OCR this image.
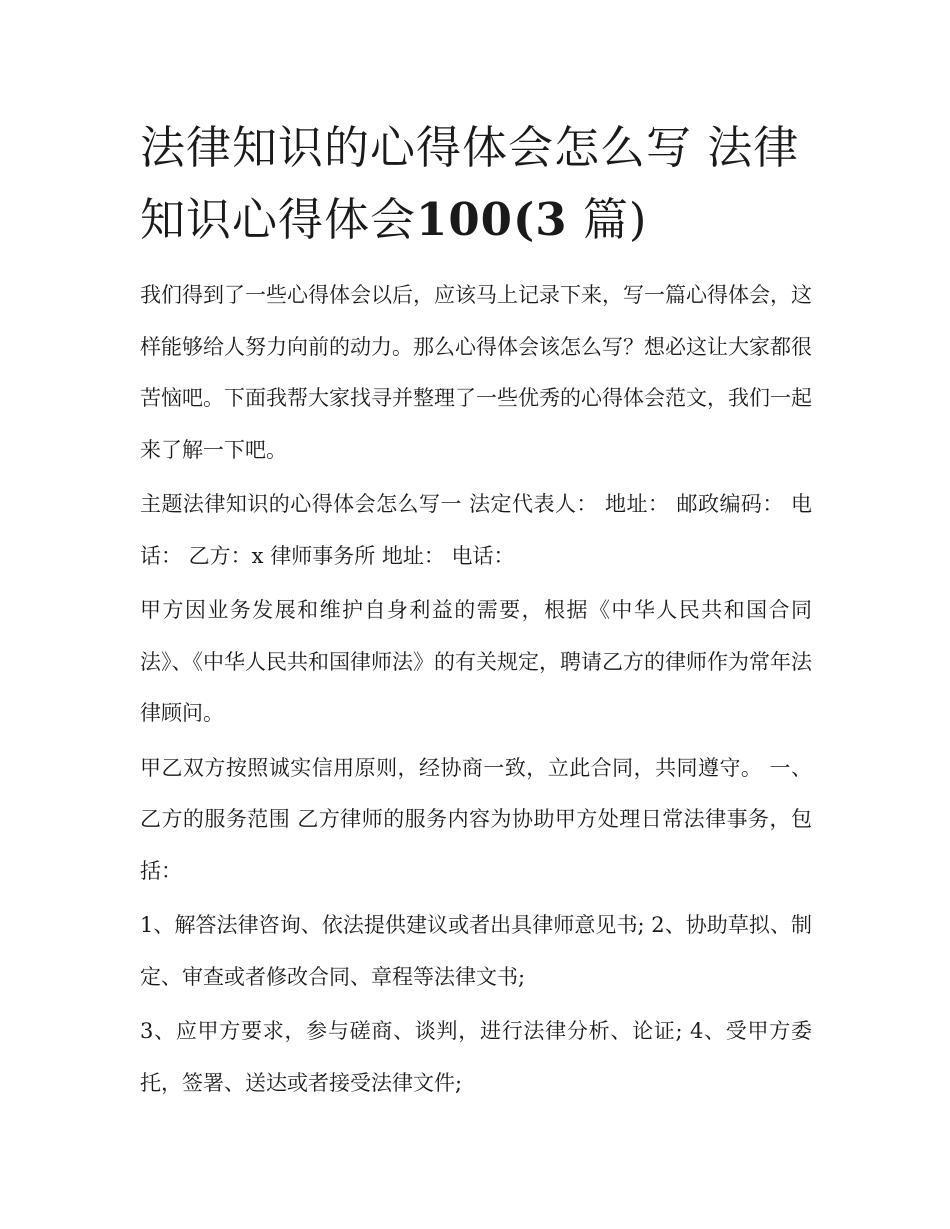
法律知识的心得体会怎么写 法律知识心得体会100(3 篇)

我们得到了一些心得体会以后，应该马上记录下来，写一篇心得体会，这样能够给人努力向前的动力。那么心得体会该怎么写？想必这让大家都很苦恼吧。下面我帮大家找寻并整理了一些优秀的心得体会范文，我们一起来了解一下吧。

主题法律知识的心得体会怎么写一 法定代表人： 地址： 邮政编码： 电话： 乙方：x 律师事务所 地址： 电话：

甲方因业务发展和维护自身利益的需要，根据《中华人民共和国合同法》、《中华人民共和国律师法》的有关规定，聘请乙方的律师作为常年法律顾问。

甲乙双方按照诚实信用原则，经协商一致，立此合同，共同遵守。 一、乙方的服务范围 乙方律师的服务内容为协助甲方处理日常法律事务，包括：

1、解答法律咨询、依法提供建议或者出具律师意见书; 2、协助草拟、制定、审查或者修改合同、章程等法律文书;

3、应甲方要求，参与磋商、谈判，进行法律分析、论证; 4、受甲方委托，签署、送达或者接受法律文件;
